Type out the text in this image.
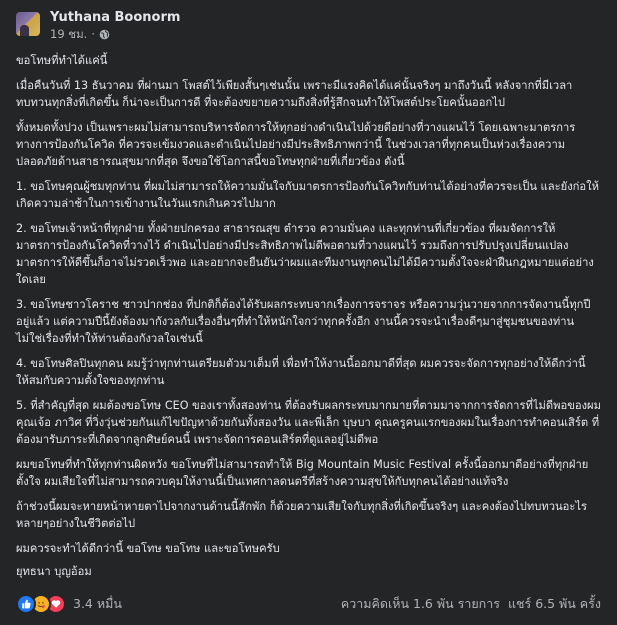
Yuthana Boonorm
19 ชม. ·

ขอโทษที่ทำได้แค่นี้

เมื่อคืนวันที่ 13 ธันวาคม ที่ผ่านมา โพสต์ไว้เพียงสั้นๆเช่นนั้น เพราะมีแรงคิดได้แค่นั้นจริงๆ มาถึงวันนี้ หลังจากที่มีเวลาทบทวนทุกสิ่งที่เกิดขึ้น ก็น่าจะเป็นการดี ที่จะต้องขยายความถึงสิ่งที่รู้สึกจนทำให้โพสต์ประโยคนั้นออกไป

ทั้งหมดทั้งปวง เป็นเพราะผมไม่สามารถบริหารจัดการให้ทุกอย่างดำเนินไปด้วยดีอย่างที่วางแผนไว้ โดยเฉพาะมาตรการทางการป้องกันโควิด ที่ควรจะเข้มงวดและดำเนินไปอย่างมีประสิทธิภาพกว่านี้ ในช่วงเวลาที่ทุกคนเป็นห่วงเรื่องความปลอดภัยด้านสาธารณสุขมากที่สุด จึงขอใช้โอกาสนี้ขอโทษทุกฝ่ายที่เกี่ยวข้อง ดังนี้

1. ขอโทษคุณผู้ชมทุกท่าน ที่ผมไม่สามารถให้ความมั่นใจกับมาตรการป้องกันโควิทกับท่านได้อย่างที่ควรจะเป็น และยังก่อให้เกิดความล่าช้าในการเข้างานในวันแรกเกินควรไปมาก

2. ขอโทษเจ้าหน้าที่ทุกฝ่าย ทั้งฝ่ายปกครอง สาธารณสุข ตำรวจ ความมั่นคง และทุกท่านที่เกี่ยวข้อง ที่ผมจัดการให้มาตรการป้องกันโควิดที่วางไว้ ดำเนินไปอย่างมีประสิทธิภาพไม่ดีพอตามที่วางแผนไว้ รวมถึงการปรับปรุงเปลี่ยนแปลงมาตรการให้ดีขึ้นก็อาจไม่รวดเร็วพอ และอยากจะยืนยันว่าผมและทีมงานทุกคนไม่ได้มีความตั้งใจจะฝ่าฝืนกฎหมายแต่อย่างใดเลย

3. ขอโทษชาวโคราช ชาวปากช่อง ที่ปกติก็ต้องได้รับผลกระทบจากเรื่องการจราจร หรือความวุ่นวายจากการจัดงานนี้ทุกปีอยู่แล้ว แต่ความปีนี้ยังต้องมากังวลกับเรื่องอื่นๆที่ทำให้หนักใจกว่าทุกครั้งอีก งานนี้ควรจะนำเรื่องดีๆมาสู่ชุมชนของท่าน ไม่ใช่เรื่องที่ทำให้ท่านต้องกังวลใจเช่นนี้

4. ขอโทษศิลปินทุกคน ผมรู้ว่าทุกท่านเตรียมตัวมาเต็มที่ เพื่อทำให้งานนี้ออกมาดีที่สุด ผมควรจะจัดการทุกอย่างให้ดีกว่านี้ ให้สมกับความตั้งใจของทุกท่าน

5. ที่สำคัญที่สุด ผมต้องขอโทษ CEO ของเราทั้งสองท่าน ที่ต้องรับผลกระทบมากมายที่ตามมาจากการจัดการที่ไม่ดีพอของผม คุณเจ้อ ภาวิศ ที่วิ่งวุ่นช่วยกันแก้ไขปัญหาด้วยกันทั้งสองวัน และพี่เล็ก บุษบา คุณครูคนแรกของผมในเรื่องการทำคอนเสิร์ต ที่ต้องมารับภาระที่เกิดจากลูกศิษย์คนนี้ เพราะจัดการคอนเสิร์ตที่ดูแลอยู่ไม่ดีพอ

ผมขอโทษที่ทำให้ทุกท่านผิดหวัง ขอโทษที่ไม่สามารถทำให้ Big Mountain Music Festival ครั้งนี้ออกมาดีอย่างที่ทุกฝ่ายตั้งใจ ผมเสียใจที่ไม่สามารถควบคุมให้งานนี้เป็นเทศกาลดนตรีที่สร้างความสุขให้กับทุกคนได้อย่างแท้จริง

ถ้าช่วงนี้ผมจะหายหน้าหายตาไปจากงานด้านนี้สักพัก ก็ด้วยความเสียใจกับทุกสิ่งที่เกิดขึ้นจริงๆ และคงต้องไปทบทวนอะไรหลายๆอย่างในชีวิตต่อไป

ผมควรจะทำได้ดีกว่านี้ ขอโทษ ขอโทษ และขอโทษครับ

ยุทธนา บุญอ้อม

3.4 หมื่น	ความคิดเห็น 1.6 พัน รายการ แชร์ 6.5 พัน ครั้ง
